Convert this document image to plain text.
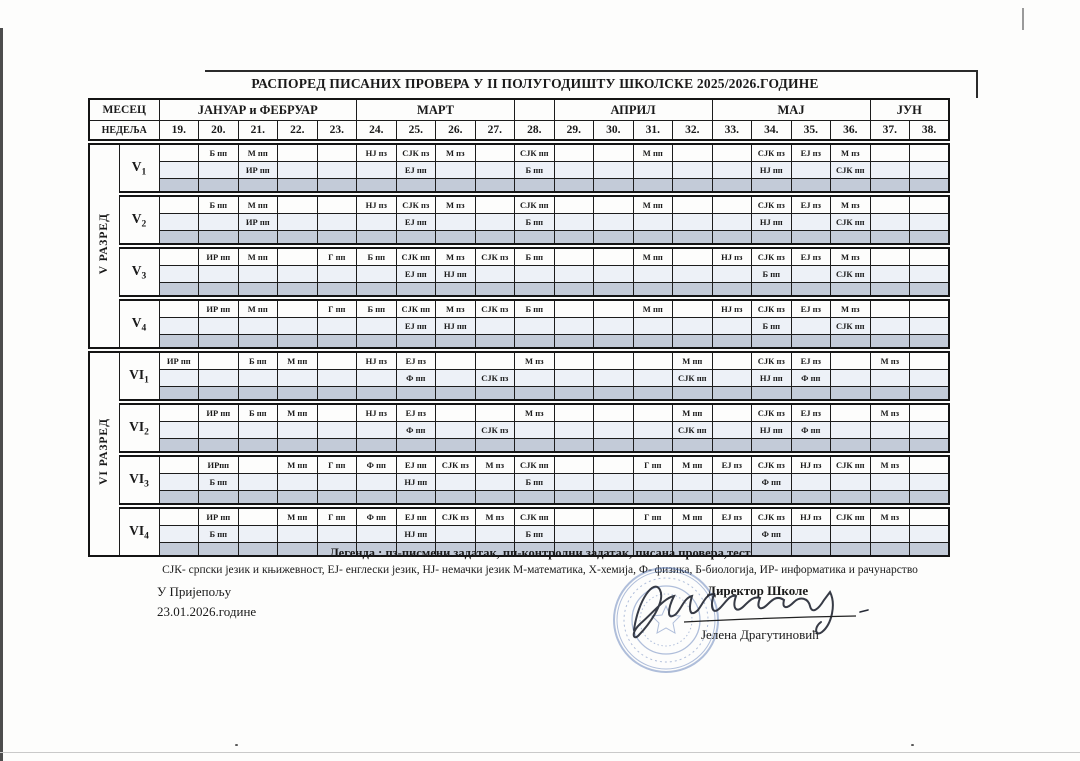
РАСПОРЕД ПИСАНИХ ПРОВЕРА У II ПОЛУГОДИШТУ ШКОЛСКЕ 2025/2026.ГОДИНЕ
МЕСЕЦ		ЈАНУАР и ФЕБРУАР					МАРТ					АПРИЛ				МАЈ				ЈУН	
НЕДЕЉА		19.	20.	21.	22.	23.	24.	25.	26.	27.	28.	29.	30.	31.	32.	33.	34.	35.	36.	37.	38.
V РАЗРЕД	$V_1$		Б пп	М пп			НЈ пз	СЈК пз	М пз		СЈК пп			М пп			СЈК пз	ЕЈ пз	М пз		
				ИР пп				ЕЈ пп			Б пп						НЈ пп		СЈК пп		

	$V_2$		Б пп	М пп			НЈ пз	СЈК пз	М пз		СЈК пп			М пп			СЈК пз	ЕЈ пз	М пз		
				ИР пп				ЕЈ пп			Б пп						НЈ пп		СЈК пп		

	$V_3$		ИР пп	М пп		Г пп	Б пп	СЈК пп	М пз	СЈК пз	Б пп			М пп		НЈ пз	СЈК пз	ЕЈ пз	М пз		
								ЕЈ пп	НЈ пп								Б пп		СЈК пп		

	$V_4$		ИР пп	М пп		Г пп	Б пп	СЈК пп	М пз	СЈК пз	Б пп			М пп		НЈ пз	СЈК пз	ЕЈ пз	М пз		
								ЕЈ пп	НЈ пп								Б пп		СЈК пп		

VI РАЗРЕД	$VI_1$	ИР пп		Б пп	М пп		НЈ пз	ЕЈ пз			М пз				М пп		СЈК пз	ЕЈ пз		М пз	
								Ф пп		СЈК пз					СЈК пп		НЈ пп	Ф пп			

	$VI_2$		ИР пп	Б пп	М пп		НЈ пз	ЕЈ пз			М пз				М пп		СЈК пз	ЕЈ пз		М пз	
								Ф пп		СЈК пз					СЈК пп		НЈ пп	Ф пп			

	$VI_3$		ИРпп		М пп	Г пп	Ф пп	ЕЈ пп	СЈК пз	М пз	СЈК пп			Г пп	М пп	ЕЈ пз	СЈК пз	НЈ пз	СЈК пп	М пз	
			Б пп					НЈ пп			Б пп						Ф пп				

	$VI_4$		ИР пп		М пп	Г пп	Ф пп	ЕЈ пп	СЈК пз	М пз	СЈК пп			Г пп	М пп	ЕЈ пз	СЈК пз	НЈ пз	СЈК пп	М пз	
			Б пп					НЈ пп			Б пп						Ф пп				

Легенда : пз-писмени задатак, пп-контролни задатак, писана провера,тест
СЈК- српски језик и књижевност, ЕЈ- енглески језик, НЈ- немачки језик М-математика, Х-хемија, Ф- физика, Б-биологија, ИР- информатика и рачунарство
У Пријепољу
23.01.2026.године
Директор Школе
Јелена Драгутиновић
